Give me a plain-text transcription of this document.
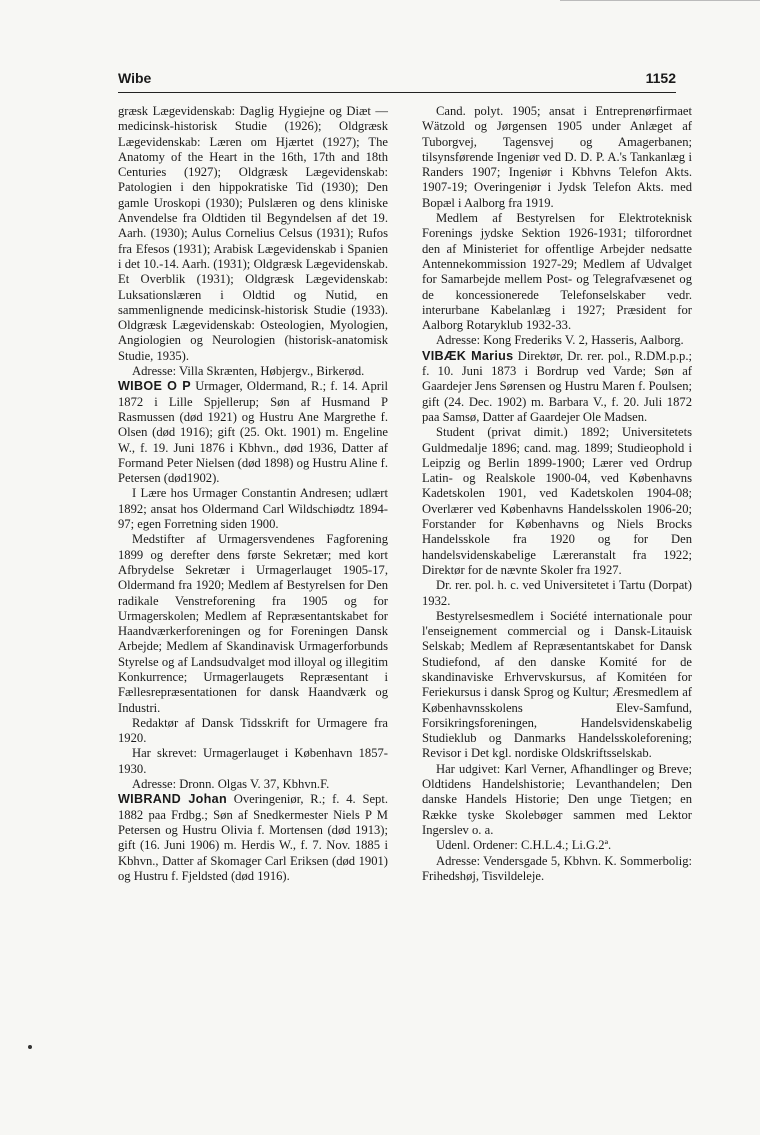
Wibe	1152

græsk Lægevidenskab: Daglig Hygiejne og Diæt — medicinsk-historisk Studie (1926); Oldgræsk Lægevidenskab: Læren om Hjærtet (1927); The Anatomy of the Heart in the 16th, 17th and 18th Centuries (1927); Oldgræsk Lægevidenskab: Patologien i den hippokratiske Tid (1930); Den gamle Uroskopi (1930); Pulslæren og dens kliniske Anvendelse fra Oldtiden til Begyndelsen af det 19. Aarh. (1930); Aulus Cornelius Celsus (1931); Rufos fra Efesos (1931); Arabisk Lægevidenskab i Spanien i det 10.-14. Aarh. (1931); Oldgræsk Lægevidenskab. Et Overblik (1931); Oldgræsk Lægevidenskab: Luksationslæren i Oldtid og Nutid, en sammenlignende medicinsk-historisk Studie (1933). Oldgræsk Lægevidenskab: Osteologien, Myologien, Angiologien og Neurologien (historisk-anatomisk Studie, 1935).

Adresse: Villa Skrænten, Høbjergv., Birkerød.

WIBOE O P Urmager, Oldermand, R.; f. 14. April 1872 i Lille Spjellerup; Søn af Husmand P Rasmussen (død 1921) og Hustru Ane Margrethe f. Olsen (død 1916); gift (25. Okt. 1901) m. Engeline W., f. 19. Juni 1876 i Kbhvn., død 1936, Datter af Formand Peter Nielsen (død 1898) og Hustru Aline f. Petersen (død1902).

I Lære hos Urmager Constantin Andresen; udlært 1892; ansat hos Oldermand Carl Wildschiødtz 1894-97; egen Forretning siden 1900.

Medstifter af Urmagersvendenes Fagforening 1899 og derefter dens første Sekretær; med kort Afbrydelse Sekretær i Urmagerlauget 1905-17, Oldermand fra 1920; Medlem af Bestyrelsen for Den radikale Venstreforening fra 1905 og for Urmagerskolen; Medlem af Repræsentantskabet for Haandværkerforeningen og for Foreningen Dansk Arbejde; Medlem af Skandinavisk Urmagerforbunds Styrelse og af Landsudvalget mod illoyal og illegitim Konkurrence; Urmagerlaugets Repræsentant i Fællesrepræsentationen for dansk Haandværk og Industri.

Redaktør af Dansk Tidsskrift for Urmagere fra 1920.

Har skrevet: Urmagerlauget i København 1857-1930.

Adresse: Dronn. Olgas V. 37, Kbhvn.F.

WIBRAND Johan Overingeniør, R.; f. 4. Sept. 1882 paa Frdbg.; Søn af Snedkermester Niels P M Petersen og Hustru Olivia f. Mortensen (død 1913); gift (16. Juni 1906) m. Herdis W., f. 7. Nov. 1885 i Kbhvn., Datter af Skomager Carl Eriksen (død 1901) og Hustru f. Fjeldsted (død 1916).

Cand. polyt. 1905; ansat i Entreprenørfirmaet Wätzold og Jørgensen 1905 under Anlæget af Tuborgvej, Tagensvej og Amagerbanen; tilsynsførende Ingeniør ved D. D. P. A.'s Tankanlæg i Randers 1907; Ingeniør i Kbhvns Telefon Akts. 1907-19; Overingeniør i Jydsk Telefon Akts. med Bopæl i Aalborg fra 1919.

Medlem af Bestyrelsen for Elektroteknisk Forenings jydske Sektion 1926-1931; tilforordnet den af Ministeriet for offentlige Arbejder nedsatte Antennekommission 1927-29; Medlem af Udvalget for Samarbejde mellem Post- og Telegrafvæsenet og de koncessionerede Telefonselskaber vedr. interurbane Kabelanlæg i 1927; Præsident for Aalborg Rotaryklub 1932-33.

Adresse: Kong Frederiks V. 2, Hasseris, Aalborg.

VIBÆK Marius Direktør, Dr. rer. pol., R.DM.p.p.; f. 10. Juni 1873 i Bordrup ved Varde; Søn af Gaardejer Jens Sørensen og Hustru Maren f. Poulsen; gift (24. Dec. 1902) m. Barbara V., f. 20. Juli 1872 paa Samsø, Datter af Gaardejer Ole Madsen.

Student (privat dimit.) 1892; Universitetets Guldmedalje 1896; cand. mag. 1899; Studieophold i Leipzig og Berlin 1899-1900; Lærer ved Ordrup Latin- og Realskole 1900-04, ved Københavns Kadetskolen 1901, ved Kadetskolen 1904-08; Overlærer ved Københavns Handelsskolen 1906-20; Forstander for Københavns og Niels Brocks Handelsskole fra 1920 og for Den handelsvidenskabelige Læreranstalt fra 1922; Direktør for de nævnte Skoler fra 1927.

Dr. rer. pol. h. c. ved Universitetet i Tartu (Dorpat) 1932.

Bestyrelsesmedlem i Société internationale pour l'enseignement commercial og i Dansk-Litauisk Selskab; Medlem af Repræsentantskabet for Dansk Studiefond, af den danske Komité for de skandinaviske Erhvervskursus, af Komitéen for Feriekursus i dansk Sprog og Kultur; Æresmedlem af Københavnsskolens Elev-Samfund, Forsikringsforeningen, Handelsvidenskabelig Studieklub og Danmarks Handelsskoleforening; Revisor i Det kgl. nordiske Oldskriftsselskab.

Har udgivet: Karl Verner, Afhandlinger og Breve; Oldtidens Handelshistorie; Levanthandelen; Den danske Handels Historie; Den unge Tietgen; en Række tyske Skolebøger sammen med Lektor Ingerslev o. a.

Udenl. Ordener: C.H.L.4.; Li.G.2ª.

Adresse: Vendersgade 5, Kbhvn. K. Sommerbolig: Frihedshøj, Tisvildeleje.
